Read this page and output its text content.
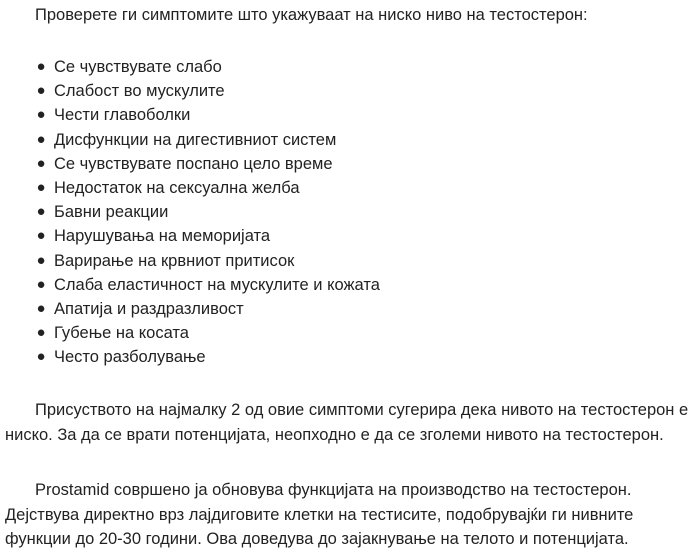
Проверете ги симптомите што укажуваат на ниско ниво на тестостерон:

● Се чувствувате слабо
● Слабост во мускулите
● Чести главоболки
● Дисфункции на дигестивниот систем
● Се чувствувате поспано цело време
● Недостаток на сексуална желба
● Бавни реакции
● Нарушувања на меморијата
● Варирање на крвниот притисок
● Слаба еластичност на мускулите и кожата
● Апатија и раздразливост
● Губење на косата
● Често разболување

Присуството на најмалку 2 од овие симптоми сугерира дека нивото на тестостерон е ниско. За да се врати потенцијата, неопходно е да се зголеми нивото на тестостерон.

Prostamid совршено ја обновува функцијата на производство на тестостерон. Дејствува директно врз лајдиговите клетки на тестисите, подобрувајќи ги нивните функции до 20-30 години. Ова доведува до зајакнување на телото и потенцијата.
